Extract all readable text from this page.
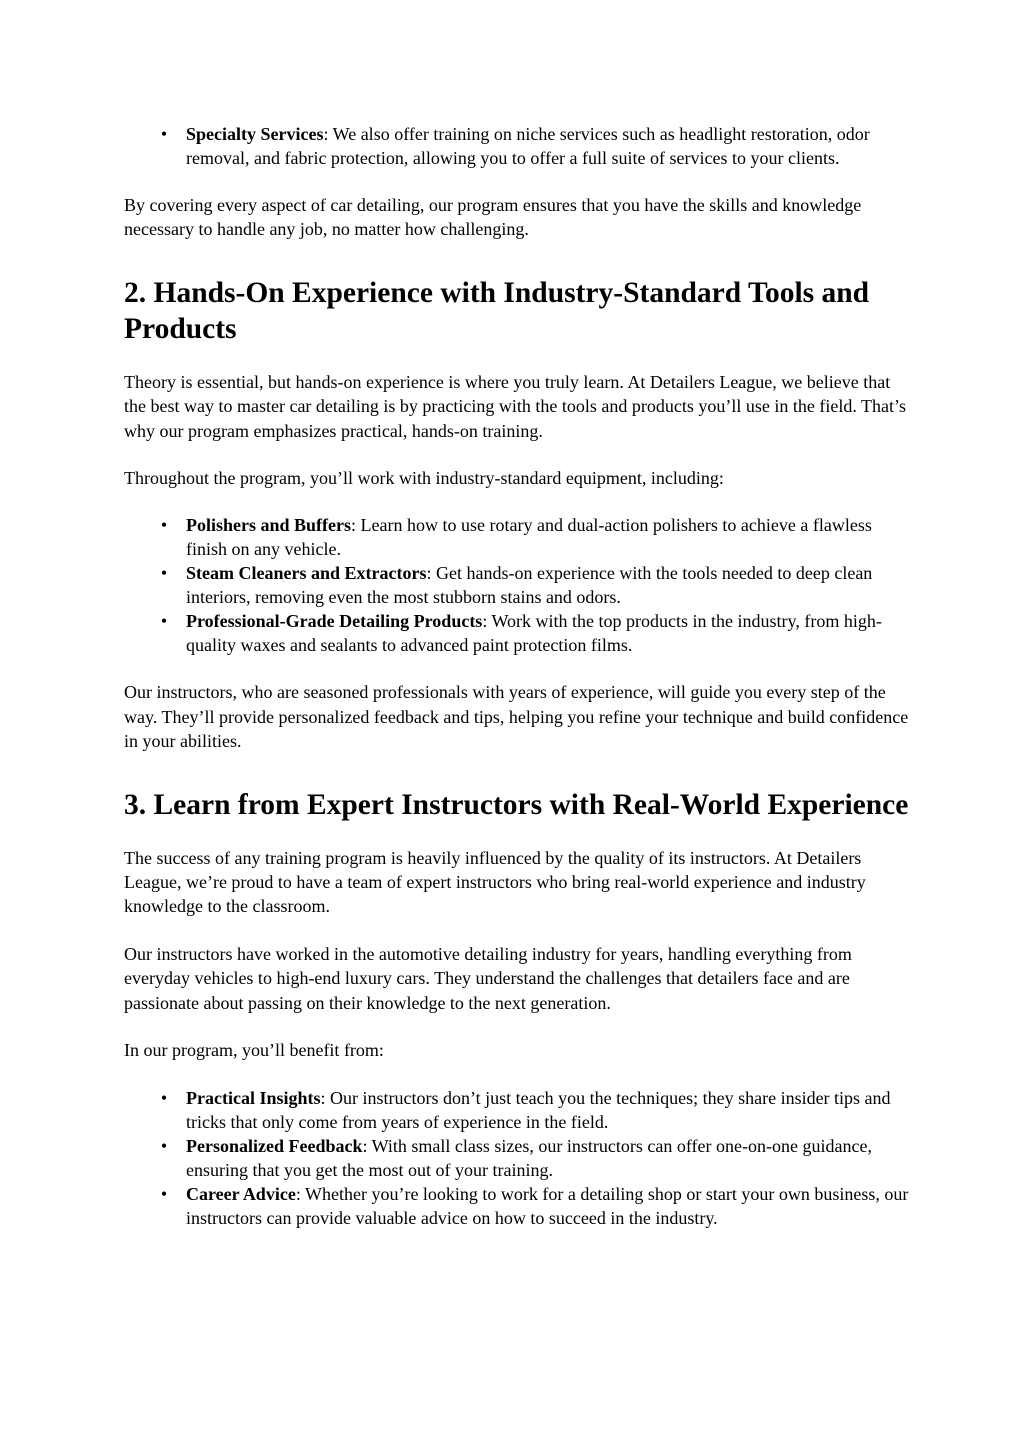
•	Specialty Services: We also offer training on niche services such as headlight restoration, odor removal, and fabric protection, allowing you to offer a full suite of services to your clients.

By covering every aspect of car detailing, our program ensures that you have the skills and knowledge necessary to handle any job, no matter how challenging.

2. Hands-On Experience with Industry-Standard Tools and Products

Theory is essential, but hands-on experience is where you truly learn. At Detailers League, we believe that the best way to master car detailing is by practicing with the tools and products you’ll use in the field. That’s why our program emphasizes practical, hands-on training.

Throughout the program, you’ll work with industry-standard equipment, including:

•	Polishers and Buffers: Learn how to use rotary and dual-action polishers to achieve a flawless finish on any vehicle.
•	Steam Cleaners and Extractors: Get hands-on experience with the tools needed to deep clean interiors, removing even the most stubborn stains and odors.
•	Professional-Grade Detailing Products: Work with the top products in the industry, from high-quality waxes and sealants to advanced paint protection films.

Our instructors, who are seasoned professionals with years of experience, will guide you every step of the way. They’ll provide personalized feedback and tips, helping you refine your technique and build confidence in your abilities.

3. Learn from Expert Instructors with Real-World Experience

The success of any training program is heavily influenced by the quality of its instructors. At Detailers League, we’re proud to have a team of expert instructors who bring real-world experience and industry knowledge to the classroom.

Our instructors have worked in the automotive detailing industry for years, handling everything from everyday vehicles to high-end luxury cars. They understand the challenges that detailers face and are passionate about passing on their knowledge to the next generation.

In our program, you’ll benefit from:

•	Practical Insights: Our instructors don’t just teach you the techniques; they share insider tips and tricks that only come from years of experience in the field.
•	Personalized Feedback: With small class sizes, our instructors can offer one-on-one guidance, ensuring that you get the most out of your training.
•	Career Advice: Whether you’re looking to work for a detailing shop or start your own business, our instructors can provide valuable advice on how to succeed in the industry.
